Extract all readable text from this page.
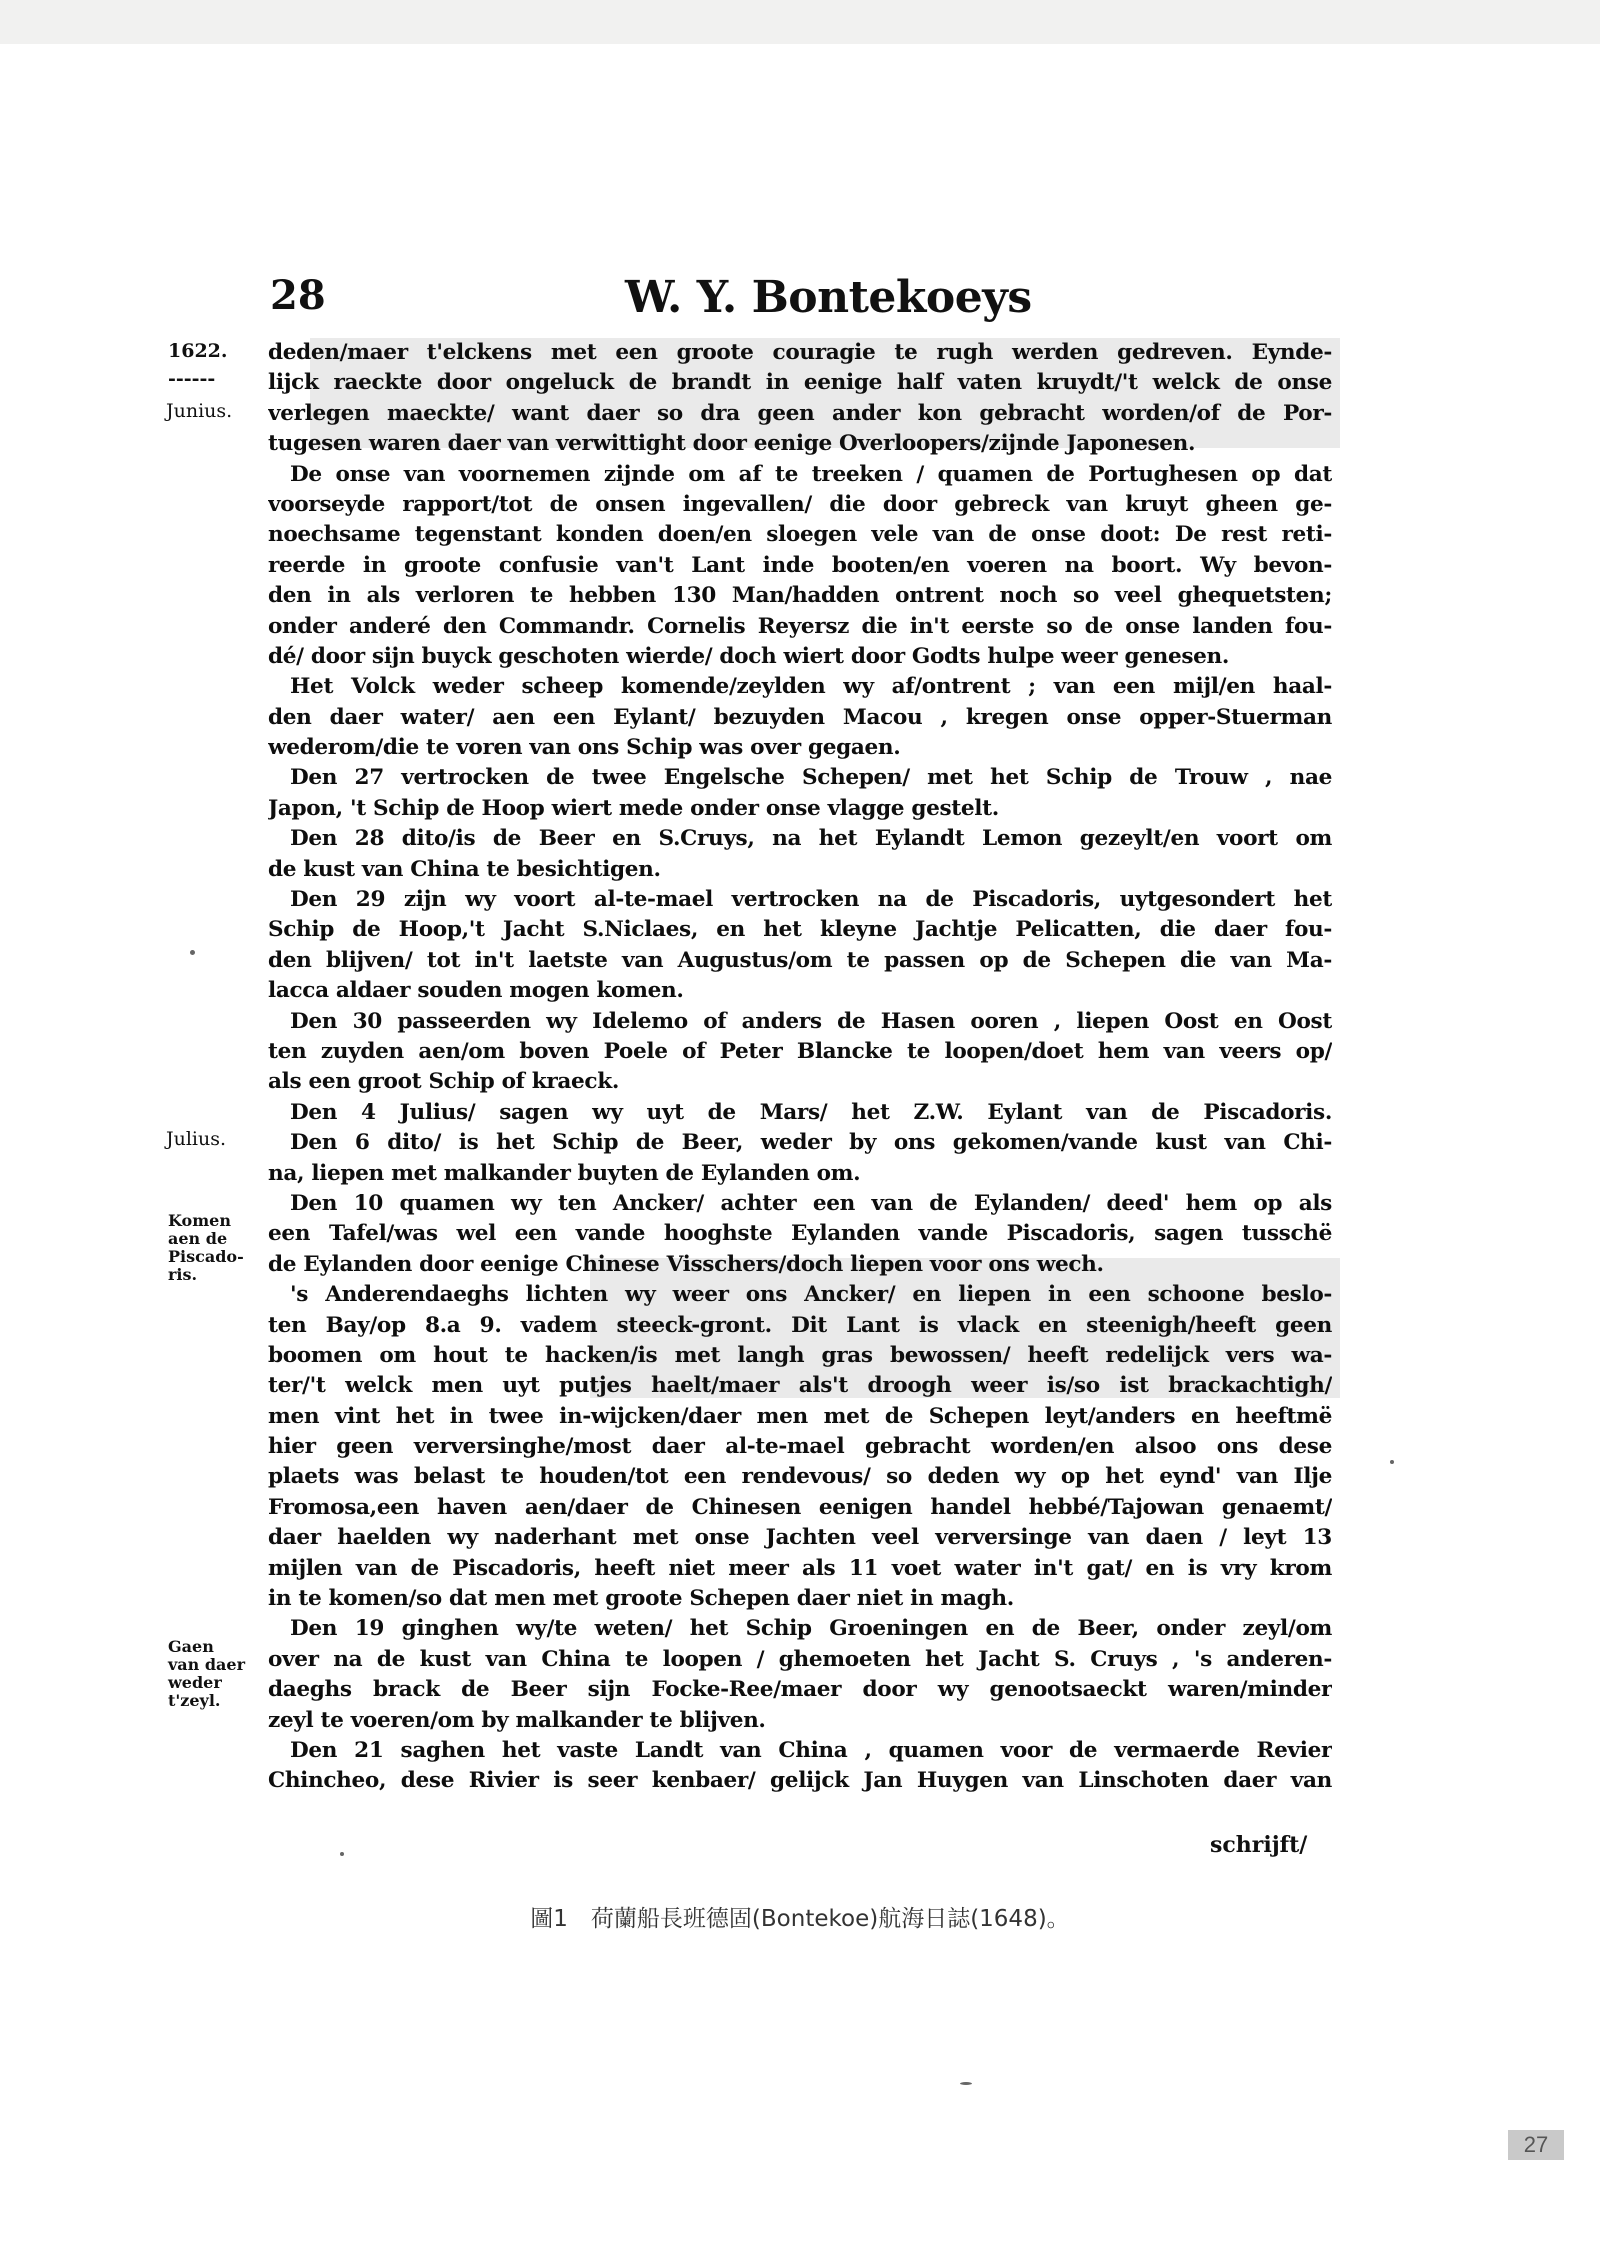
28	W. Y. Bontekoeys
1622.
------
Junius.
Julius.
Komen
aen de
Piscado-
ris.
Gaen
van daer
weder
t'zeyl.
deden/maer t'elckens met een groote couragie te rugh werden gedreven. Eynde-
lijck raeckte door ongeluck de brandt in eenige half vaten kruydt/'t welck de onse
verlegen maeckte/ want daer so dra geen ander kon gebracht worden/of de Por-
tugesen waren daer van verwittight door eenige Overloopers/zijnde Japonesen.
De onse van voornemen zijnde om af te treeken / quamen de Portughesen op dat
voorseyde rapport/tot de onsen ingevallen/ die door gebreck van kruyt gheen ge-
noechsame tegenstant konden doen/en sloegen vele van de onse doot: De rest reti-
reerde in groote confusie van't Lant inde booten/en voeren na boort. Wy bevon-
den in als verloren te hebben 130 Man/hadden ontrent noch so veel ghequetsten;
onder anderé den Commandr. Cornelis Reyersz die in't eerste so de onse landen fou-
dé/ door sijn buyck geschoten wierde/ doch wiert door Godts hulpe weer genesen.
Het Volck weder scheep komende/zeylden wy af/ontrent ; van een mijl/en haal-
den daer water/ aen een Eylant/ bezuyden Macou , kregen onse opper-Stuerman
wederom/die te voren van ons Schip was over gegaen.
Den 27 vertrocken de twee Engelsche Schepen/ met het Schip de Trouw , nae
Japon, 't Schip de Hoop wiert mede onder onse vlagge gestelt.
Den 28 dito/is de Beer en S.Cruys, na het Eylandt Lemon gezeylt/en voort om
de kust van China te besichtigen.
Den 29 zijn wy voort al-te-mael vertrocken na de Piscadoris, uytgesondert het
Schip de Hoop,'t Jacht S.Niclaes, en het kleyne Jachtje Pelicatten, die daer fou-
den blijven/ tot in't laetste van Augustus/om te passen op de Schepen die van Ma-
lacca aldaer souden mogen komen.
Den 30 passeerden wy Idelemo of anders de Hasen ooren , liepen Oost en Oost
ten zuyden aen/om boven Poele of Peter Blancke te loopen/doet hem van veers op/
als een groot Schip of kraeck.
Den 4 Julius/ sagen wy uyt de Mars/ het Z.W. Eylant van de Piscadoris.
Den 6 dito/ is het Schip de Beer, weder by ons gekomen/vande kust van Chi-
na, liepen met malkander buyten de Eylanden om.
Den 10 quamen wy ten Ancker/ achter een van de Eylanden/ deed' hem op als
een Tafel/was wel een vande hooghste Eylanden vande Piscadoris, sagen tusschë
de Eylanden door eenige Chinese Visschers/doch liepen voor ons wech.
's Anderendaeghs lichten wy weer ons Ancker/ en liepen in een schoone beslo-
ten Bay/op 8.a 9. vadem steeck-gront. Dit Lant is vlack en steenigh/heeft geen
boomen om hout te hacken/is met langh gras bewossen/ heeft redelijck vers wa-
ter/'t welck men uyt putjes haelt/maer als't droogh weer is/so ist brackachtigh/
men vint het in twee in-wijcken/daer men met de Schepen leyt/anders en heeftmë
hier geen verversinghe/most daer al-te-mael gebracht worden/en alsoo ons dese
plaets was belast te houden/tot een rendevous/ so deden wy op het eynd' van Ilje
Fromosa,een haven aen/daer de Chinesen eenigen handel hebbé/Tajowan genaemt/
daer haelden wy naderhant met onse Jachten veel verversinge van daen / leyt 13
mijlen van de Piscadoris, heeft niet meer als 11 voet water in't gat/ en is vry krom
in te komen/so dat men met groote Schepen daer niet in magh.
Den 19 ginghen wy/te weten/ het Schip Groeningen en de Beer, onder zeyl/om
over na de kust van China te loopen / ghemoeten het Jacht S. Cruys , 's anderen-
daeghs brack de Beer sijn Focke-Ree/maer door wy genootsaeckt waren/minder
zeyl te voeren/om by malkander te blijven.
Den 21 saghen het vaste Landt van China , quamen voor de vermaerde Revier
Chincheo, dese Rivier is seer kenbaer/ gelijck Jan Huygen van Linschoten daer van
schrijft/
圖1　荷蘭船長班德固(Bontekoe)航海日誌(1648)。
27
